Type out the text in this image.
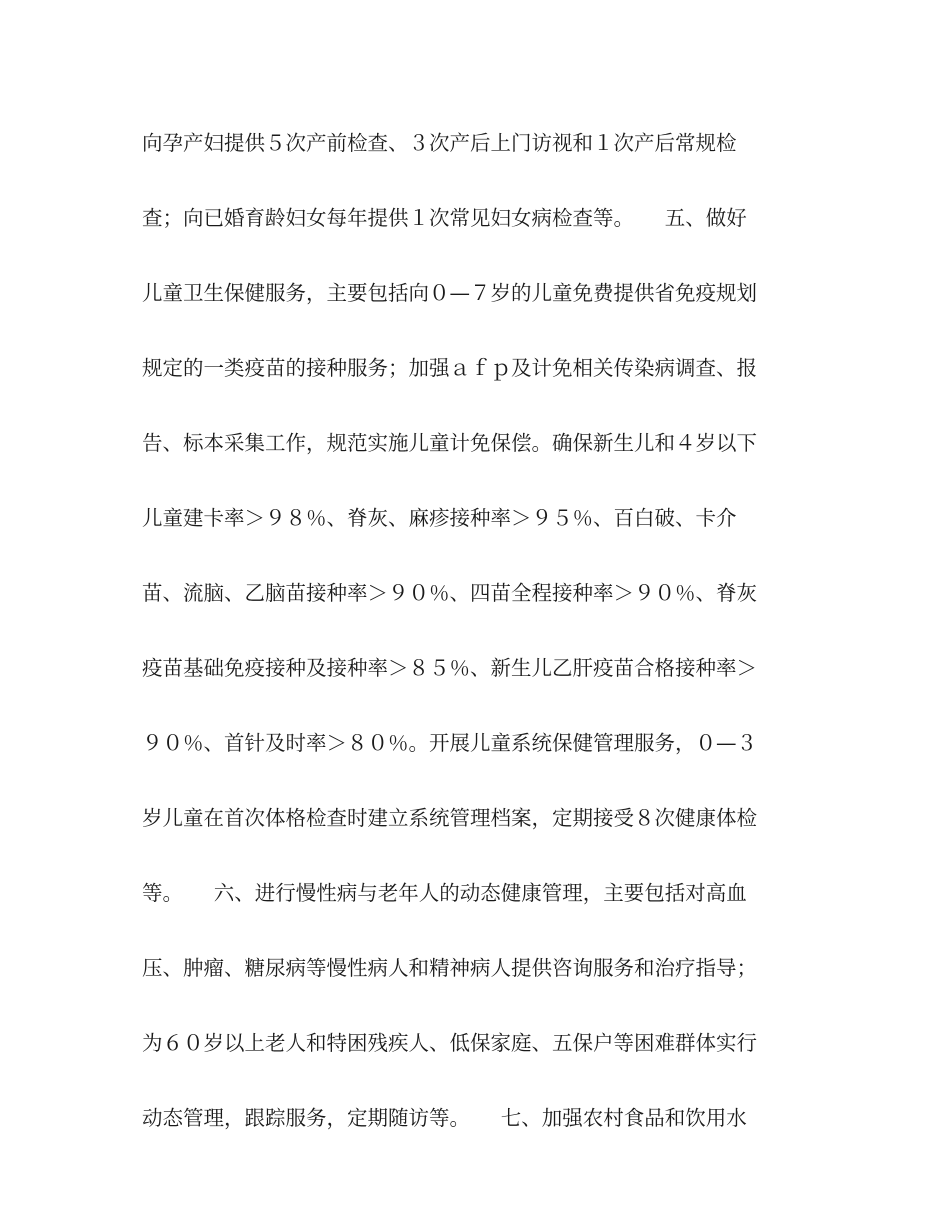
向孕产妇提供５次产前检查、３次产后上门访视和１次产后常规检
查；向已婚育龄妇女每年提供１次常见妇女病检查等。　　五、做好
儿童卫生保健服务，主要包括向０—７岁的儿童免费提供省免疫规划
规定的一类疫苗的接种服务；加强ａｆｐ及计免相关传染病调查、报
告、标本采集工作，规范实施儿童计免保偿。确保新生儿和４岁以下
儿童建卡率＞９８％、脊灰、麻疹接种率＞９５％、百白破、卡介
苗、流脑、乙脑苗接种率＞９０％、四苗全程接种率＞９０％、脊灰
疫苗基础免疫接种及接种率＞８５％、新生儿乙肝疫苗合格接种率＞
９０％、首针及时率＞８０％。开展儿童系统保健管理服务，０—３
岁儿童在首次体格检查时建立系统管理档案，定期接受８次健康体检
等。　　六、进行慢性病与老年人的动态健康管理，主要包括对高血
压、肿瘤、糖尿病等慢性病人和精神病人提供咨询服务和治疗指导；
为６０岁以上老人和特困残疾人、低保家庭、五保户等困难群体实行
动态管理，跟踪服务，定期随访等。　　七、加强农村食品和饮用水
